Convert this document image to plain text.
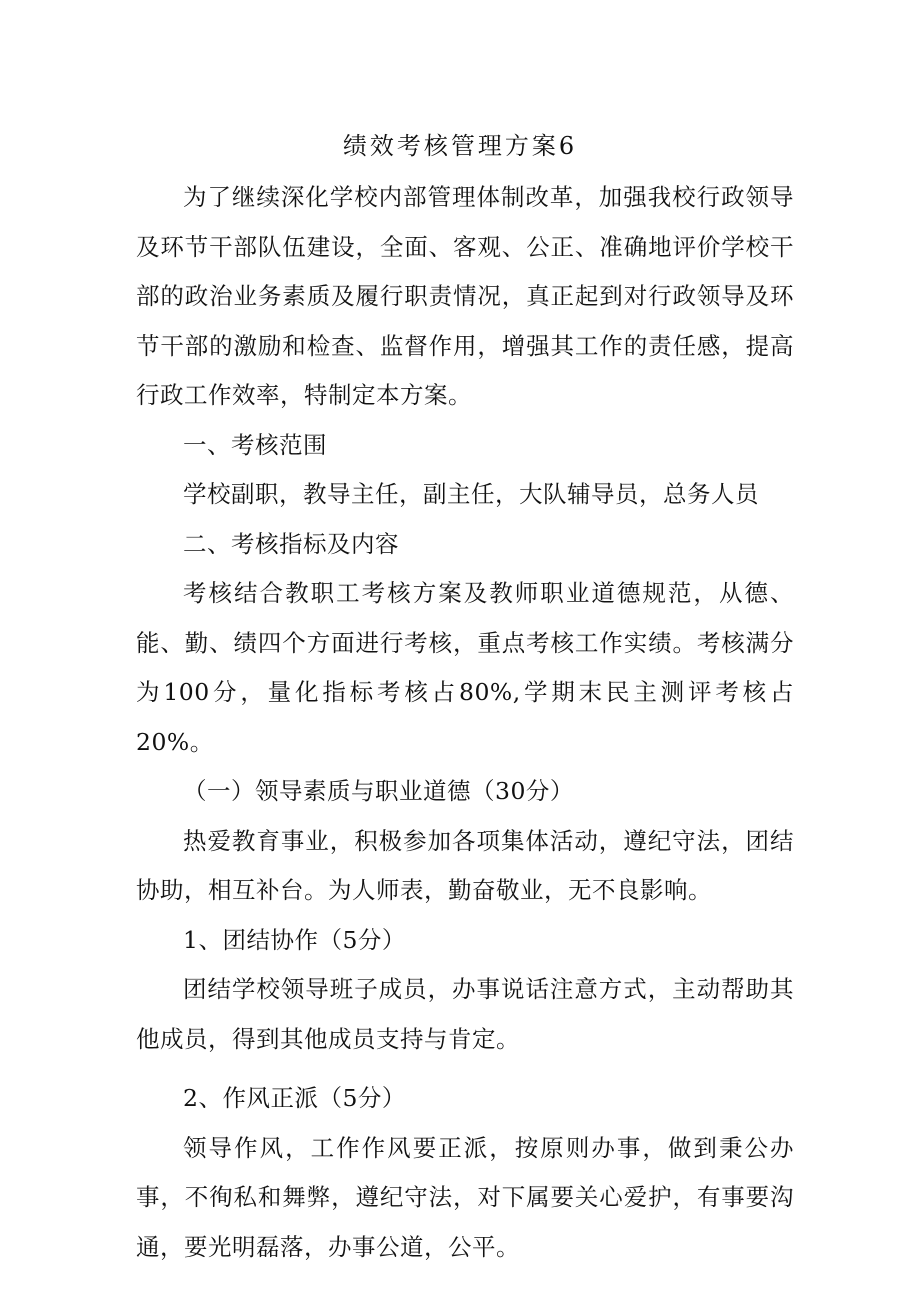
绩效考核管理方案6

为了继续深化学校内部管理体制改革，加强我校行政领导及环节干部队伍建设，全面、客观、公正、准确地评价学校干部的政治业务素质及履行职责情况，真正起到对行政领导及环节干部的激励和检查、监督作用，增强其工作的责任感，提高行政工作效率，特制定本方案。

一、考核范围

学校副职，教导主任，副主任，大队辅导员，总务人员

二、考核指标及内容

考核结合教职工考核方案及教师职业道德规范，从德、能、勤、绩四个方面进行考核，重点考核工作实绩。考核满分为100分，量化指标考核占80%,学期末民主测评考核占20%。

（一）领导素质与职业道德（30分）

热爱教育事业，积极参加各项集体活动，遵纪守法，团结协助，相互补台。为人师表，勤奋敬业，无不良影响。

1、团结协作（5分）

团结学校领导班子成员，办事说话注意方式，主动帮助其他成员，得到其他成员支持与肯定。

2、作风正派（5分）

领导作风，工作作风要正派，按原则办事，做到秉公办事，不徇私和舞弊，遵纪守法，对下属要关心爱护，有事要沟通，要光明磊落，办事公道，公平。
